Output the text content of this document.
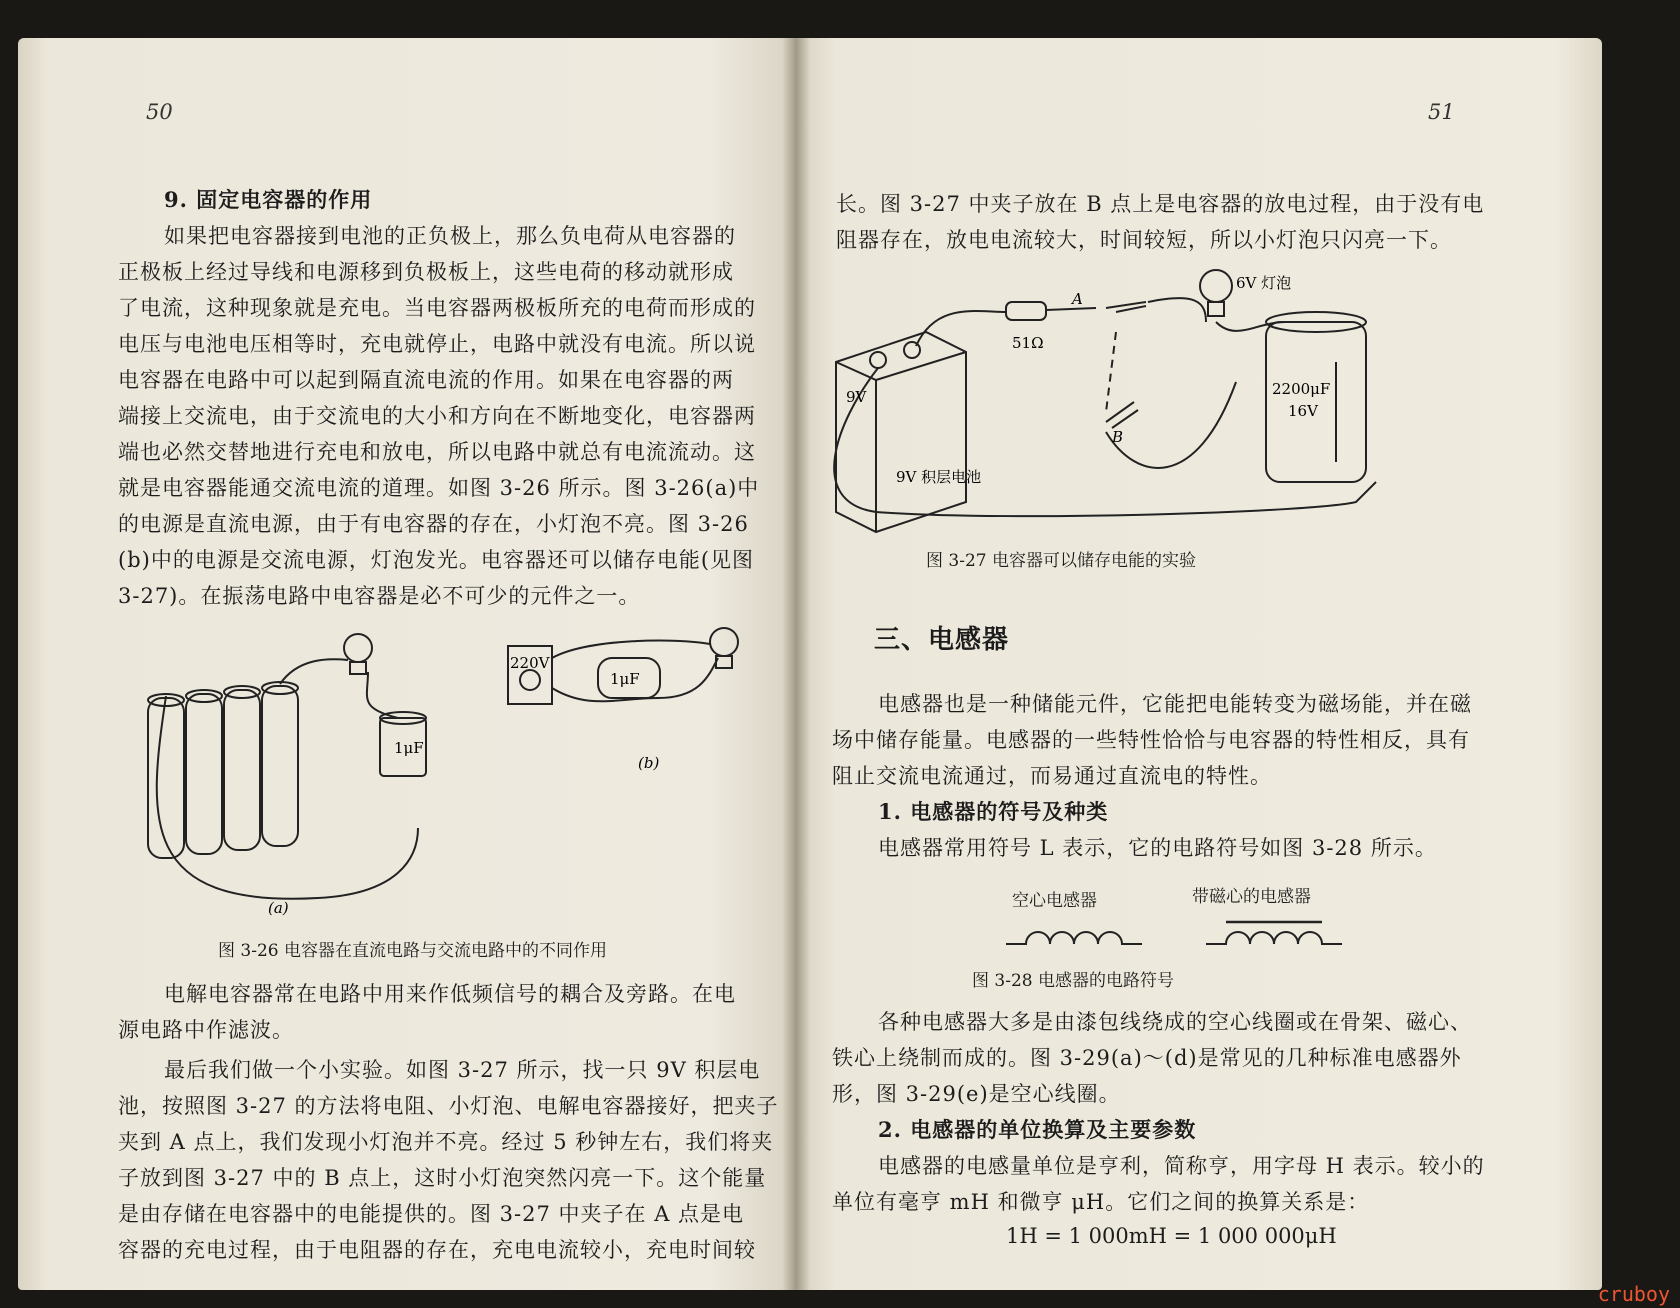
50
9. 固定电容器的作用
如果把电容器接到电池的正负极上，那么负电荷从电容器的
正极板上经过导线和电源移到负极板上，这些电荷的移动就形成
了电流，这种现象就是充电。当电容器两极板所充的电荷而形成的
电压与电池电压相等时，充电就停止，电路中就没有电流。所以说
电容器在电路中可以起到隔直流电流的作用。如果在电容器的两
端接上交流电，由于交流电的大小和方向在不断地变化，电容器两
端也必然交替地进行充电和放电，所以电路中就总有电流流动。这
就是电容器能通交流电流的道理。如图 3-26 所示。图 3-26(a)中
的电源是直流电源，由于有电容器的存在，小灯泡不亮。图 3-26
(b)中的电源是交流电源，灯泡发光。电容器还可以储存电能(见图
3-27)。在振荡电路中电容器是必不可少的元件之一。
1μF
220V
1μF
(a)
(b)
图 3-26 电容器在直流电路与交流电路中的不同作用
电解电容器常在电路中用来作低频信号的耦合及旁路。在电
源电路中作滤波。
最后我们做一个小实验。如图 3-27 所示，找一只 9V 积层电
池，按照图 3-27 的方法将电阻、小灯泡、电解电容器接好，把夹子
夹到 A 点上，我们发现小灯泡并不亮。经过 5 秒钟左右，我们将夹
子放到图 3-27 中的 B 点上，这时小灯泡突然闪亮一下。这个能量
是由存储在电容器中的电能提供的。图 3-27 中夹子在 A 点是电
容器的充电过程，由于电阻器的存在，充电电流较小，充电时间较
51
长。图 3-27 中夹子放在 B 点上是电容器的放电过程，由于没有电
阻器存在，放电电流较大，时间较短，所以小灯泡只闪亮一下。
A
B
51Ω
6V 灯泡
9V
9V 积层电池
2200μF
16V
图 3-27 电容器可以储存电能的实验
三、电感器
电感器也是一种储能元件，它能把电能转变为磁场能，并在磁
场中储存能量。电感器的一些特性恰恰与电容器的特性相反，具有
阻止交流电流通过，而易通过直流电的特性。
1. 电感器的符号及种类
电感器常用符号 L 表示，它的电路符号如图 3-28 所示。
空心电感器	带磁心的电感器
图 3-28 电感器的电路符号
各种电感器大多是由漆包线绕成的空心线圈或在骨架、磁心、
铁心上绕制而成的。图 3-29(a)～(d)是常见的几种标准电感器外
形，图 3-29(e)是空心线圈。
2. 电感器的单位换算及主要参数
电感器的电感量单位是亨利，简称亨，用字母 H 表示。较小的
单位有毫亨 mH 和微亨 μH。它们之间的换算关系是：
1H = 1 000mH = 1 000 000μH
cruboy
